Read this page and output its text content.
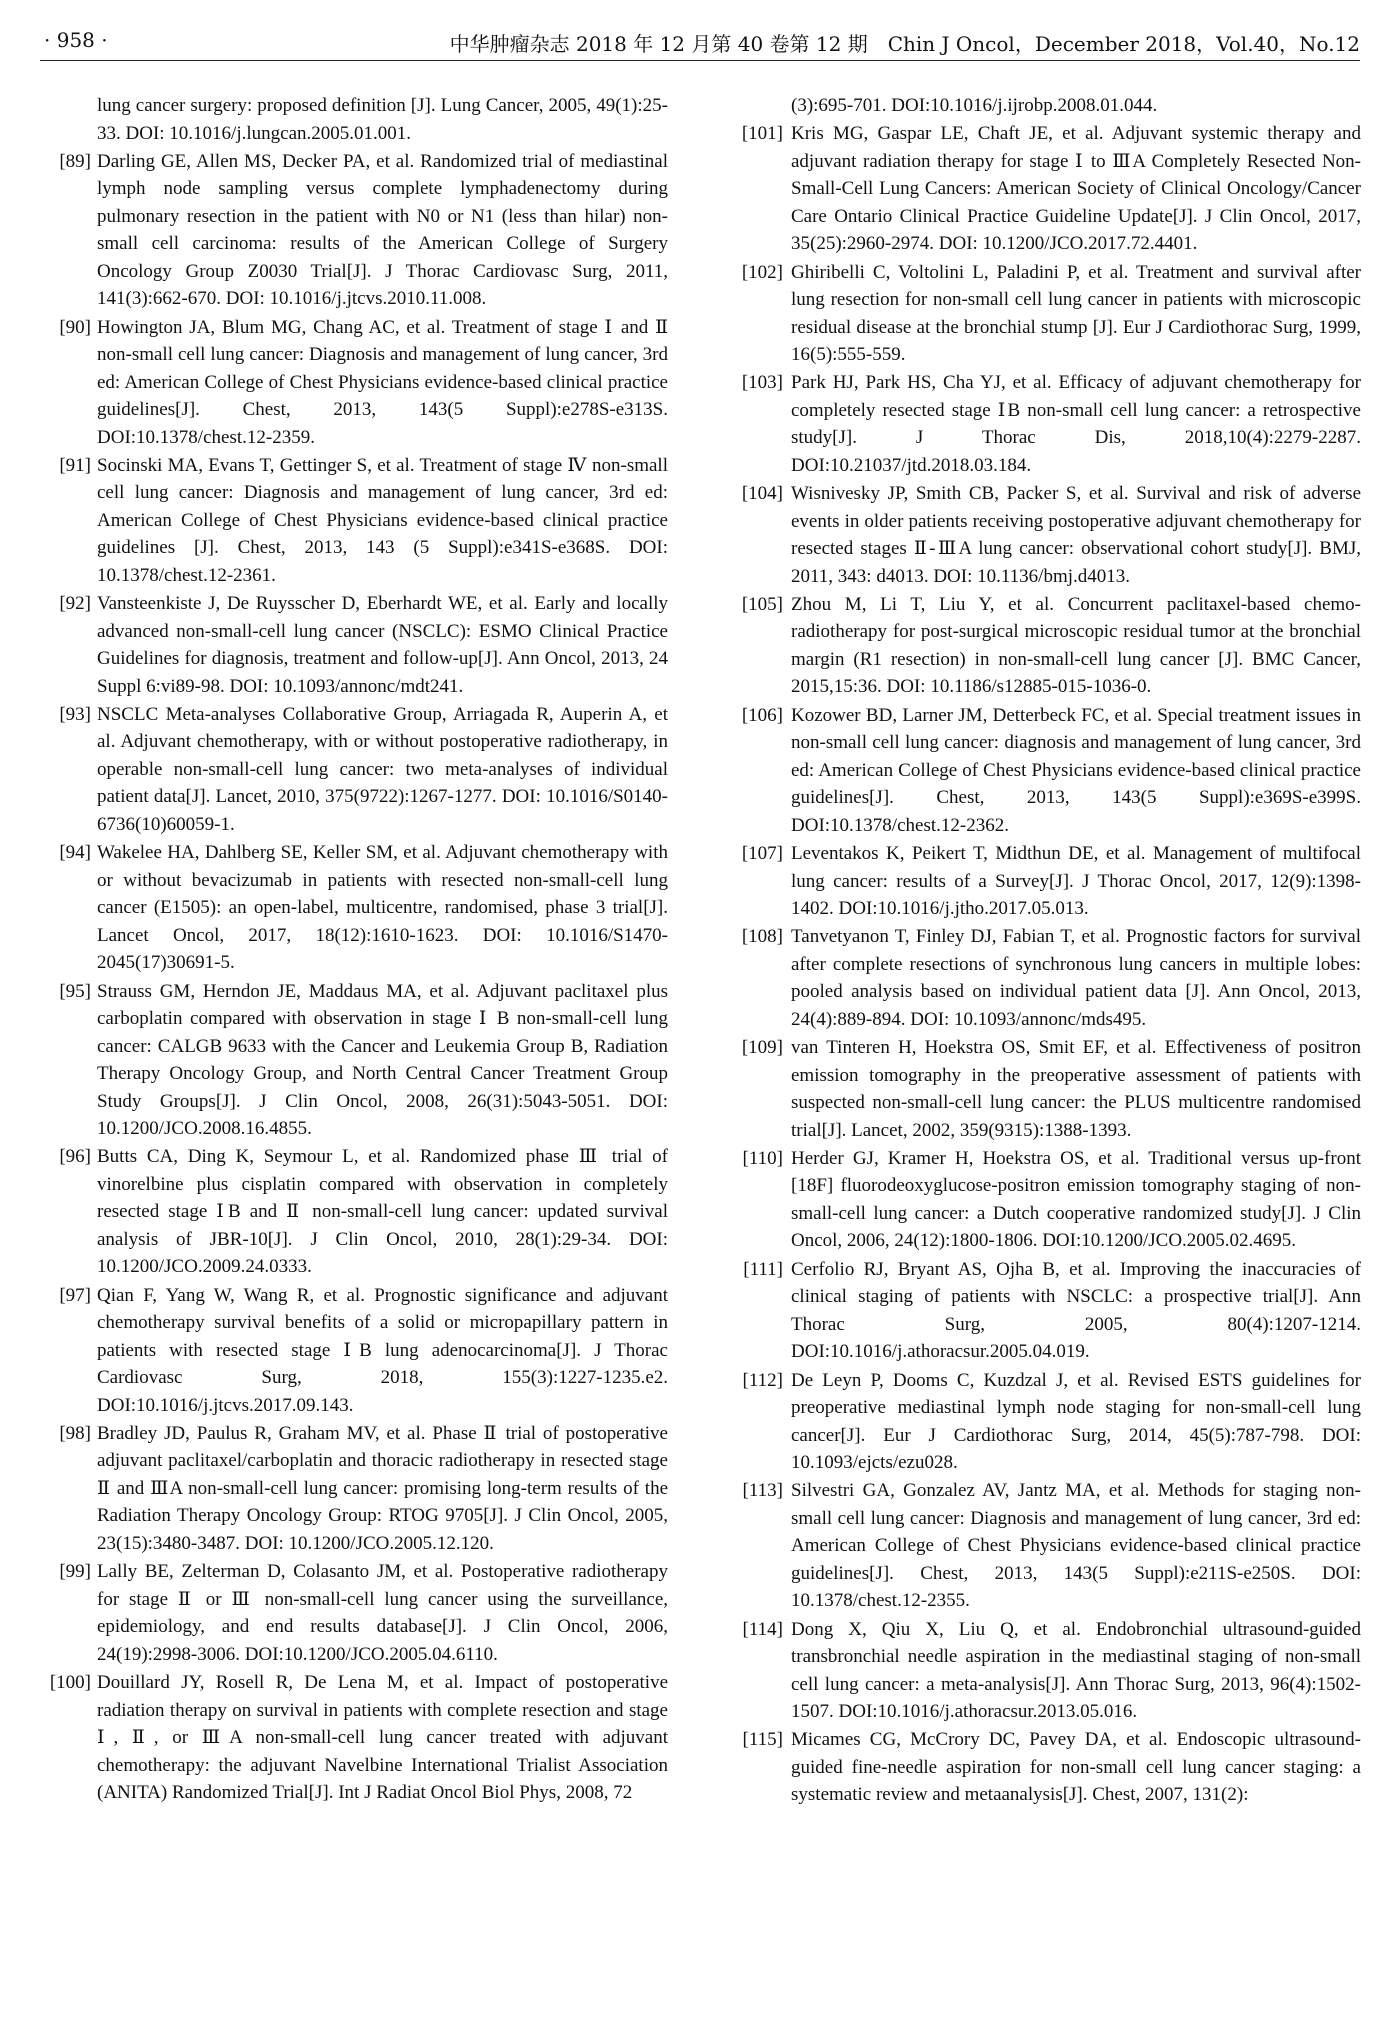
· 958 ·	中华肿瘤杂志 2018 年 12 月第 40 卷第 12 期　Chin J Oncol，December 2018，Vol.40，No.12

lung cancer surgery: proposed definition [J]. Lung Cancer, 2005, 49(1):25-33. DOI: 10.1016/j.lungcan.2005.01.001.

[89] Darling GE, Allen MS, Decker PA, et al. Randomized trial of mediastinal lymph node sampling versus complete lymphadenectomy during pulmonary resection in the patient with N0 or N1 (less than hilar) non-small cell carcinoma: results of the American College of Surgery Oncology Group Z0030 Trial[J]. J Thorac Cardiovasc Surg, 2011, 141(3):662-670. DOI: 10.1016/j.jtcvs.2010.11.008.

[90] Howington JA, Blum MG, Chang AC, et al. Treatment of stage Ⅰ and Ⅱ non-small cell lung cancer: Diagnosis and management of lung cancer, 3rd ed: American College of Chest Physicians evidence-based clinical practice guidelines[J]. Chest, 2013, 143(5 Suppl):e278S-e313S. DOI:10.1378/chest.12-2359.

[91] Socinski MA, Evans T, Gettinger S, et al. Treatment of stage Ⅳ non-small cell lung cancer: Diagnosis and management of lung cancer, 3rd ed: American College of Chest Physicians evidence-based clinical practice guidelines [J]. Chest, 2013, 143 (5 Suppl):e341S-e368S. DOI: 10.1378/chest.12-2361.

[92] Vansteenkiste J, De Ruysscher D, Eberhardt WE, et al. Early and locally advanced non-small-cell lung cancer (NSCLC): ESMO Clinical Practice Guidelines for diagnosis, treatment and follow-up[J]. Ann Oncol, 2013, 24 Suppl 6:vi89-98. DOI: 10.1093/annonc/mdt241.

[93] NSCLC Meta-analyses Collaborative Group, Arriagada R, Auperin A, et al. Adjuvant chemotherapy, with or without postoperative radiotherapy, in operable non-small-cell lung cancer: two meta-analyses of individual patient data[J]. Lancet, 2010, 375(9722):1267-1277. DOI: 10.1016/S0140-6736(10)60059-1.

[94] Wakelee HA, Dahlberg SE, Keller SM, et al. Adjuvant chemotherapy with or without bevacizumab in patients with resected non-small-cell lung cancer (E1505): an open-label, multicentre, randomised, phase 3 trial[J]. Lancet Oncol, 2017, 18(12):1610-1623. DOI: 10.1016/S1470-2045(17)30691-5.

[95] Strauss GM, Herndon JE, Maddaus MA, et al. Adjuvant paclitaxel plus carboplatin compared with observation in stage Ⅰ B non-small-cell lung cancer: CALGB 9633 with the Cancer and Leukemia Group B, Radiation Therapy Oncology Group, and North Central Cancer Treatment Group Study Groups[J]. J Clin Oncol, 2008, 26(31):5043-5051. DOI: 10.1200/JCO.2008.16.4855.

[96] Butts CA, Ding K, Seymour L, et al. Randomized phase Ⅲ trial of vinorelbine plus cisplatin compared with observation in completely resected stage ⅠB and Ⅱ non-small-cell lung cancer: updated survival analysis of JBR-10[J]. J Clin Oncol, 2010, 28(1):29-34. DOI: 10.1200/JCO.2009.24.0333.

[97] Qian F, Yang W, Wang R, et al. Prognostic significance and adjuvant chemotherapy survival benefits of a solid or micropapillary pattern in patients with resected stage ⅠB lung adenocarcinoma[J]. J Thorac Cardiovasc Surg, 2018, 155(3):1227-1235.e2. DOI:10.1016/j.jtcvs.2017.09.143.

[98] Bradley JD, Paulus R, Graham MV, et al. Phase Ⅱ trial of postoperative adjuvant paclitaxel/carboplatin and thoracic radiotherapy in resected stage Ⅱ and ⅢA non-small-cell lung cancer: promising long-term results of the Radiation Therapy Oncology Group: RTOG 9705[J]. J Clin Oncol, 2005, 23(15):3480-3487. DOI: 10.1200/JCO.2005.12.120.

[99] Lally BE, Zelterman D, Colasanto JM, et al. Postoperative radiotherapy for stage Ⅱ or Ⅲ non-small-cell lung cancer using the surveillance, epidemiology, and end results database[J]. J Clin Oncol, 2006, 24(19):2998-3006. DOI:10.1200/JCO.2005.04.6110.

[100] Douillard JY, Rosell R, De Lena M, et al. Impact of postoperative radiation therapy on survival in patients with complete resection and stage Ⅰ, Ⅱ, or ⅢA non-small-cell lung cancer treated with adjuvant chemotherapy: the adjuvant Navelbine International Trialist Association (ANITA) Randomized Trial[J]. Int J Radiat Oncol Biol Phys, 2008, 72

(3):695-701. DOI:10.1016/j.ijrobp.2008.01.044.

[101] Kris MG, Gaspar LE, Chaft JE, et al. Adjuvant systemic therapy and adjuvant radiation therapy for stage Ⅰ to ⅢA Completely Resected Non-Small-Cell Lung Cancers: American Society of Clinical Oncology/Cancer Care Ontario Clinical Practice Guideline Update[J]. J Clin Oncol, 2017, 35(25):2960-2974. DOI: 10.1200/JCO.2017.72.4401.

[102] Ghiribelli C, Voltolini L, Paladini P, et al. Treatment and survival after lung resection for non-small cell lung cancer in patients with microscopic residual disease at the bronchial stump [J]. Eur J Cardiothorac Surg, 1999, 16(5):555-559.

[103] Park HJ, Park HS, Cha YJ, et al. Efficacy of adjuvant chemotherapy for completely resected stage ⅠB non-small cell lung cancer: a retrospective study[J]. J Thorac Dis, 2018,10(4):2279-2287. DOI:10.21037/jtd.2018.03.184.

[104] Wisnivesky JP, Smith CB, Packer S, et al. Survival and risk of adverse events in older patients receiving postoperative adjuvant chemotherapy for resected stages Ⅱ-ⅢA lung cancer: observational cohort study[J]. BMJ, 2011, 343: d4013. DOI: 10.1136/bmj.d4013.

[105] Zhou M, Li T, Liu Y, et al. Concurrent paclitaxel-based chemo-radiotherapy for post-surgical microscopic residual tumor at the bronchial margin (R1 resection) in non-small-cell lung cancer [J]. BMC Cancer, 2015,15:36. DOI: 10.1186/s12885-015-1036-0.

[106] Kozower BD, Larner JM, Detterbeck FC, et al. Special treatment issues in non-small cell lung cancer: diagnosis and management of lung cancer, 3rd ed: American College of Chest Physicians evidence-based clinical practice guidelines[J]. Chest, 2013, 143(5 Suppl):e369S-e399S. DOI:10.1378/chest.12-2362.

[107] Leventakos K, Peikert T, Midthun DE, et al. Management of multifocal lung cancer: results of a Survey[J]. J Thorac Oncol, 2017, 12(9):1398-1402. DOI:10.1016/j.jtho.2017.05.013.

[108] Tanvetyanon T, Finley DJ, Fabian T, et al. Prognostic factors for survival after complete resections of synchronous lung cancers in multiple lobes: pooled analysis based on individual patient data [J]. Ann Oncol, 2013, 24(4):889-894. DOI: 10.1093/annonc/mds495.

[109] van Tinteren H, Hoekstra OS, Smit EF, et al. Effectiveness of positron emission tomography in the preoperative assessment of patients with suspected non-small-cell lung cancer: the PLUS multicentre randomised trial[J]. Lancet, 2002, 359(9315):1388-1393.

[110] Herder GJ, Kramer H, Hoekstra OS, et al. Traditional versus up-front [18F] fluorodeoxyglucose-positron emission tomography staging of non-small-cell lung cancer: a Dutch cooperative randomized study[J]. J Clin Oncol, 2006, 24(12):1800-1806. DOI:10.1200/JCO.2005.02.4695.

[111] Cerfolio RJ, Bryant AS, Ojha B, et al. Improving the inaccuracies of clinical staging of patients with NSCLC: a prospective trial[J]. Ann Thorac Surg, 2005, 80(4):1207-1214. DOI:10.1016/j.athoracsur.2005.04.019.

[112] De Leyn P, Dooms C, Kuzdzal J, et al. Revised ESTS guidelines for preoperative mediastinal lymph node staging for non-small-cell lung cancer[J]. Eur J Cardiothorac Surg, 2014, 45(5):787-798. DOI: 10.1093/ejcts/ezu028.

[113] Silvestri GA, Gonzalez AV, Jantz MA, et al. Methods for staging non-small cell lung cancer: Diagnosis and management of lung cancer, 3rd ed: American College of Chest Physicians evidence-based clinical practice guidelines[J]. Chest, 2013, 143(5 Suppl):e211S-e250S. DOI: 10.1378/chest.12-2355.

[114] Dong X, Qiu X, Liu Q, et al. Endobronchial ultrasound-guided transbronchial needle aspiration in the mediastinal staging of non-small cell lung cancer: a meta-analysis[J]. Ann Thorac Surg, 2013, 96(4):1502-1507. DOI:10.1016/j.athoracsur.2013.05.016.

[115] Micames CG, McCrory DC, Pavey DA, et al. Endoscopic ultrasound-guided fine-needle aspiration for non-small cell lung cancer staging: a systematic review and metaanalysis[J]. Chest, 2007, 131(2):
